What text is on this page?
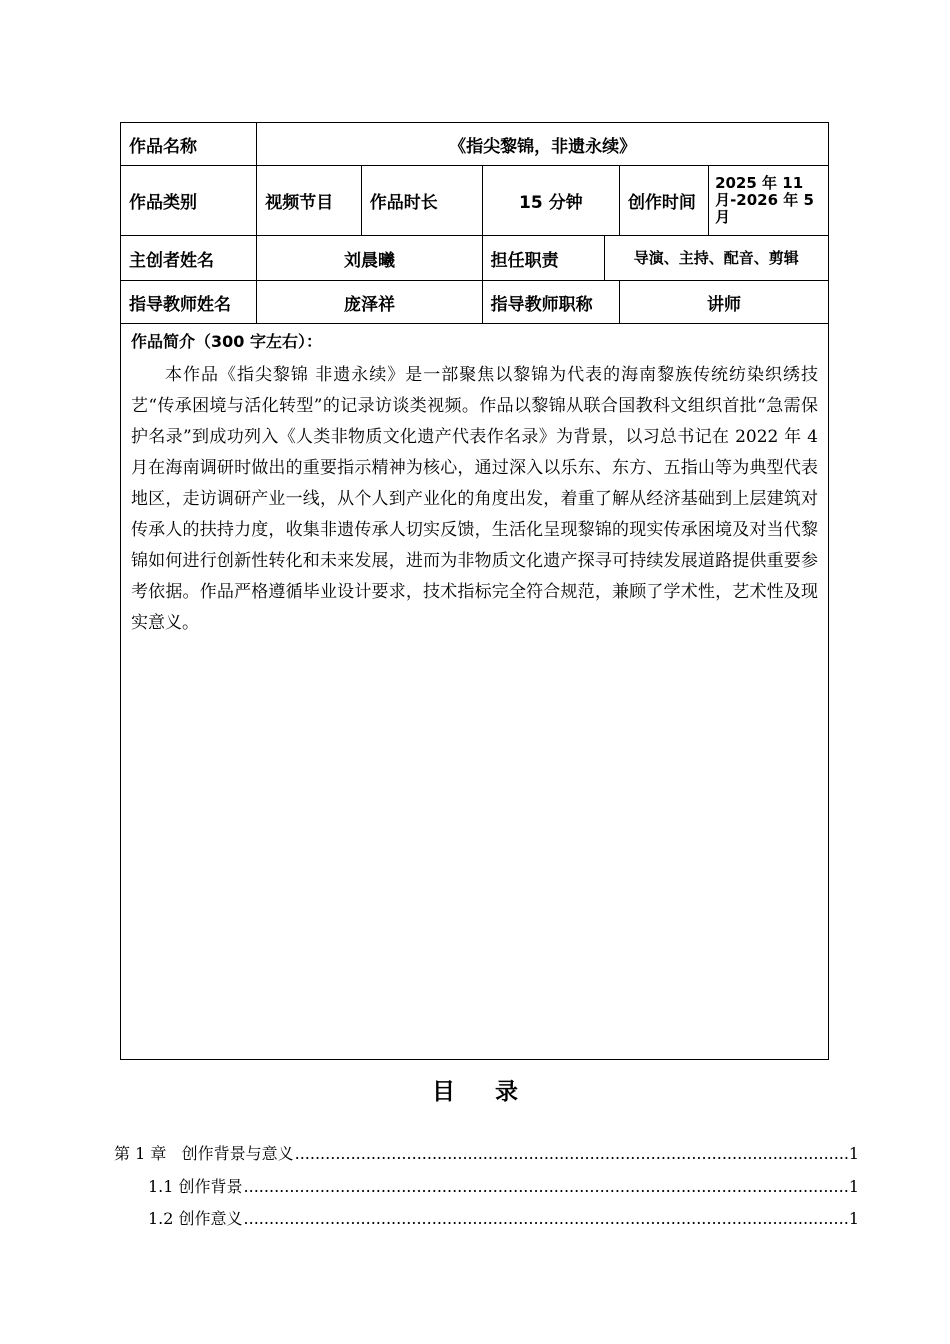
作品名称	《指尖黎锦，非遗永续》					
作品类别	视频节目	作品时长	15 分钟		创作时间	2025 年 11 月-2026 年 5 月
主创者姓名	刘晨曦		担任职责	导演、主持、配音、剪辑		
指导教师姓名	庞泽祥		指导教师职称		讲师	

作品简介（300 字左右）：
本作品《指尖黎锦 非遗永续》是一部聚焦以黎锦为代表的海南黎族传统纺染织绣技艺“传承困境与活化转型”的记录访谈类视频。作品以黎锦从联合国教科文组织首批“急需保护名录”到成功列入《人类非物质文化遗产代表作名录》为背景，以习总书记在 2022 年 4 月在海南调研时做出的重要指示精神为核心，通过深入以乐东、东方、五指山等为典型代表地区，走访调研产业一线，从个人到产业化的角度出发，着重了解从经济基础到上层建筑对传承人的扶持力度，收集非遗传承人切实反馈，生活化呈现黎锦的现实传承困境及对当代黎锦如何进行创新性转化和未来发展，进而为非物质文化遗产探寻可持续发展道路提供重要参考依据。作品严格遵循毕业设计要求，技术指标完全符合规范，兼顾了学术性，艺术性及现实意义。						
目录
第 1 章   创作背景与意义 .....	1
1.1 创作背景 .....	1
1.2 创作意义 .....	1
